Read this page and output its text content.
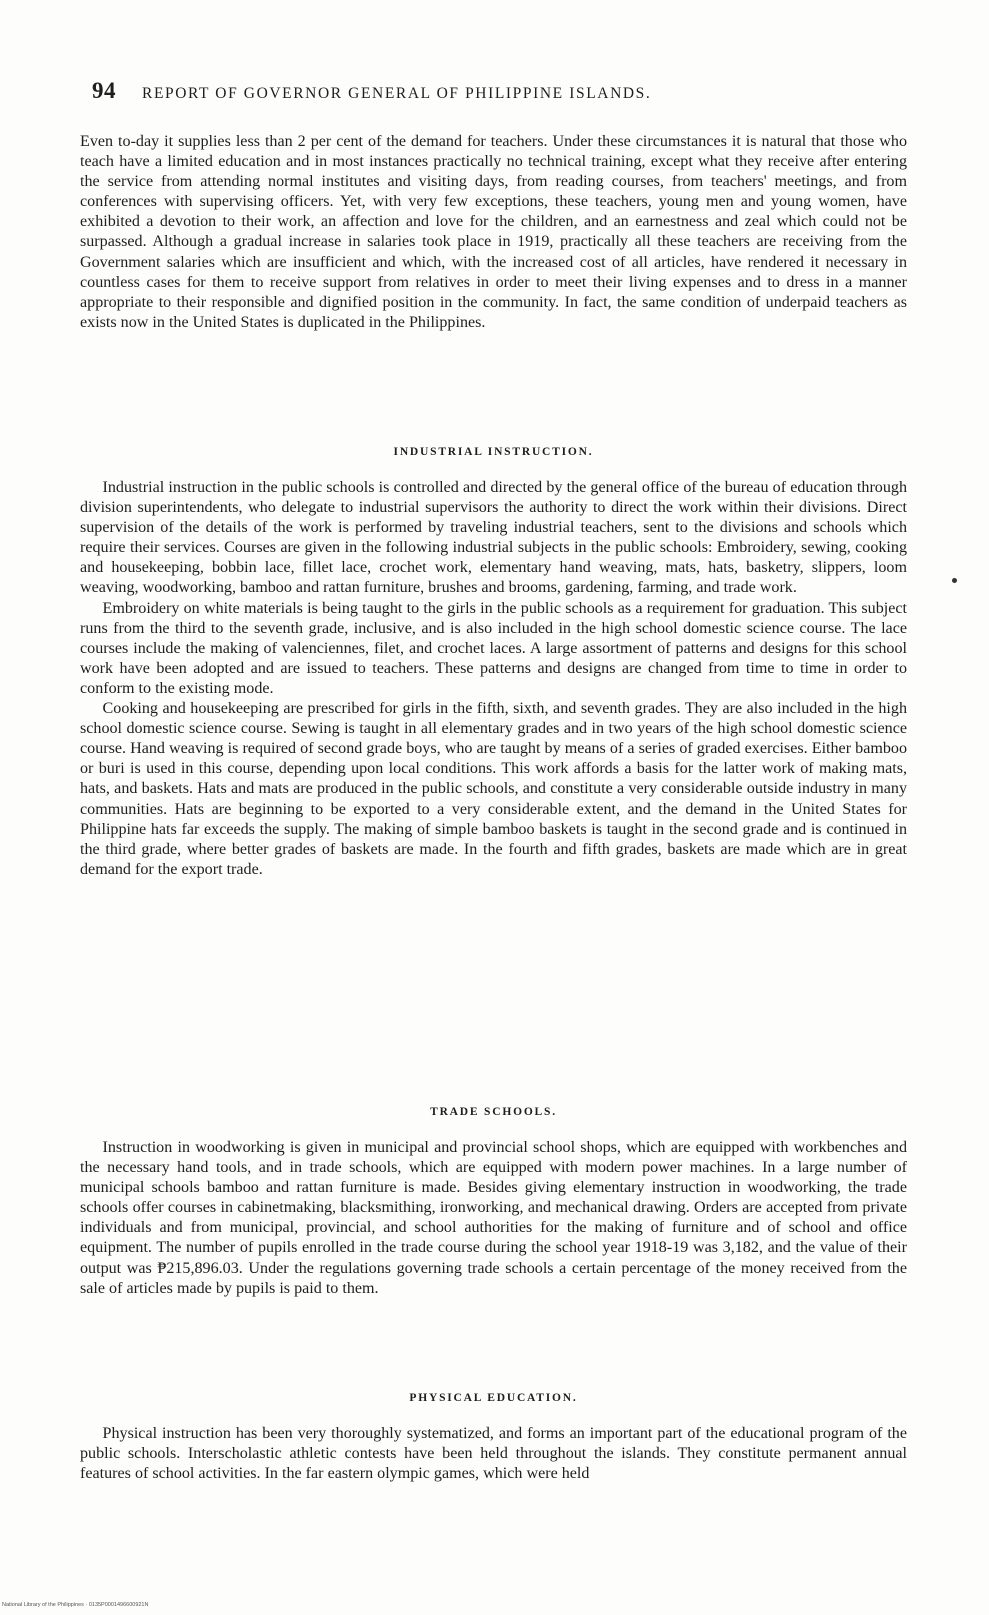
94 REPORT OF GOVERNOR GENERAL OF PHILIPPINE ISLANDS.

Even to-day it supplies less than 2 per cent of the demand for teachers. Under these circumstances it is natural that those who teach have a limited education and in most instances practically no technical training, except what they receive after entering the service from attending normal institutes and visiting days, from reading courses, from teachers' meetings, and from conferences with supervising officers. Yet, with very few exceptions, these teachers, young men and young women, have exhibited a devotion to their work, an affection and love for the children, and an earnestness and zeal which could not be surpassed. Although a gradual increase in salaries took place in 1919, practically all these teachers are receiving from the Government salaries which are insufficient and which, with the increased cost of all articles, have rendered it necessary in countless cases for them to receive support from relatives in order to meet their living expenses and to dress in a manner appropriate to their responsible and dignified position in the community. In fact, the same condition of underpaid teachers as exists now in the United States is duplicated in the Philippines.

INDUSTRIAL INSTRUCTION.

Industrial instruction in the public schools is controlled and directed by the general office of the bureau of education through division superintendents, who delegate to industrial supervisors the authority to direct the work within their divisions. Direct supervision of the details of the work is performed by traveling industrial teachers, sent to the divisions and schools which require their services. Courses are given in the following industrial subjects in the public schools: Embroidery, sewing, cooking and housekeeping, bobbin lace, fillet lace, crochet work, elementary hand weaving, mats, hats, basketry, slippers, loom weaving, woodworking, bamboo and rattan furniture, brushes and brooms, gardening, farming, and trade work.

Embroidery on white materials is being taught to the girls in the public schools as a requirement for graduation. This subject runs from the third to the seventh grade, inclusive, and is also included in the high school domestic science course. The lace courses include the making of valenciennes, filet, and crochet laces. A large assortment of patterns and designs for this school work have been adopted and are issued to teachers. These patterns and designs are changed from time to time in order to conform to the existing mode.

Cooking and housekeeping are prescribed for girls in the fifth, sixth, and seventh grades. They are also included in the high school domestic science course. Sewing is taught in all elementary grades and in two years of the high school domestic science course. Hand weaving is required of second grade boys, who are taught by means of a series of graded exercises. Either bamboo or buri is used in this course, depending upon local conditions. This work affords a basis for the latter work of making mats, hats, and baskets. Hats and mats are produced in the public schools, and constitute a very considerable outside industry in many communities. Hats are beginning to be exported to a very considerable extent, and the demand in the United States for Philippine hats far exceeds the supply. The making of simple bamboo baskets is taught in the second grade and is continued in the third grade, where better grades of baskets are made. In the fourth and fifth grades, baskets are made which are in great demand for the export trade.

TRADE SCHOOLS.

Instruction in woodworking is given in municipal and provincial school shops, which are equipped with workbenches and the necessary hand tools, and in trade schools, which are equipped with modern power machines. In a large number of municipal schools bamboo and rattan furniture is made. Besides giving elementary instruction in woodworking, the trade schools offer courses in cabinetmaking, blacksmithing, ironworking, and mechanical drawing. Orders are accepted from private individuals and from municipal, provincial, and school authorities for the making of furniture and of school and office equipment. The number of pupils enrolled in the trade course during the school year 1918-19 was 3,182, and the value of their output was ₱215,896.03. Under the regulations governing trade schools a certain percentage of the money received from the sale of articles made by pupils is paid to them.

PHYSICAL EDUCATION.

Physical instruction has been very thoroughly systematized, and forms an important part of the educational program of the public schools. Interscholastic athletic contests have been held throughout the islands. They constitute permanent annual features of school activities. In the far eastern olympic games, which were held

National Library of the Philippines · 0135P0001496600921N
